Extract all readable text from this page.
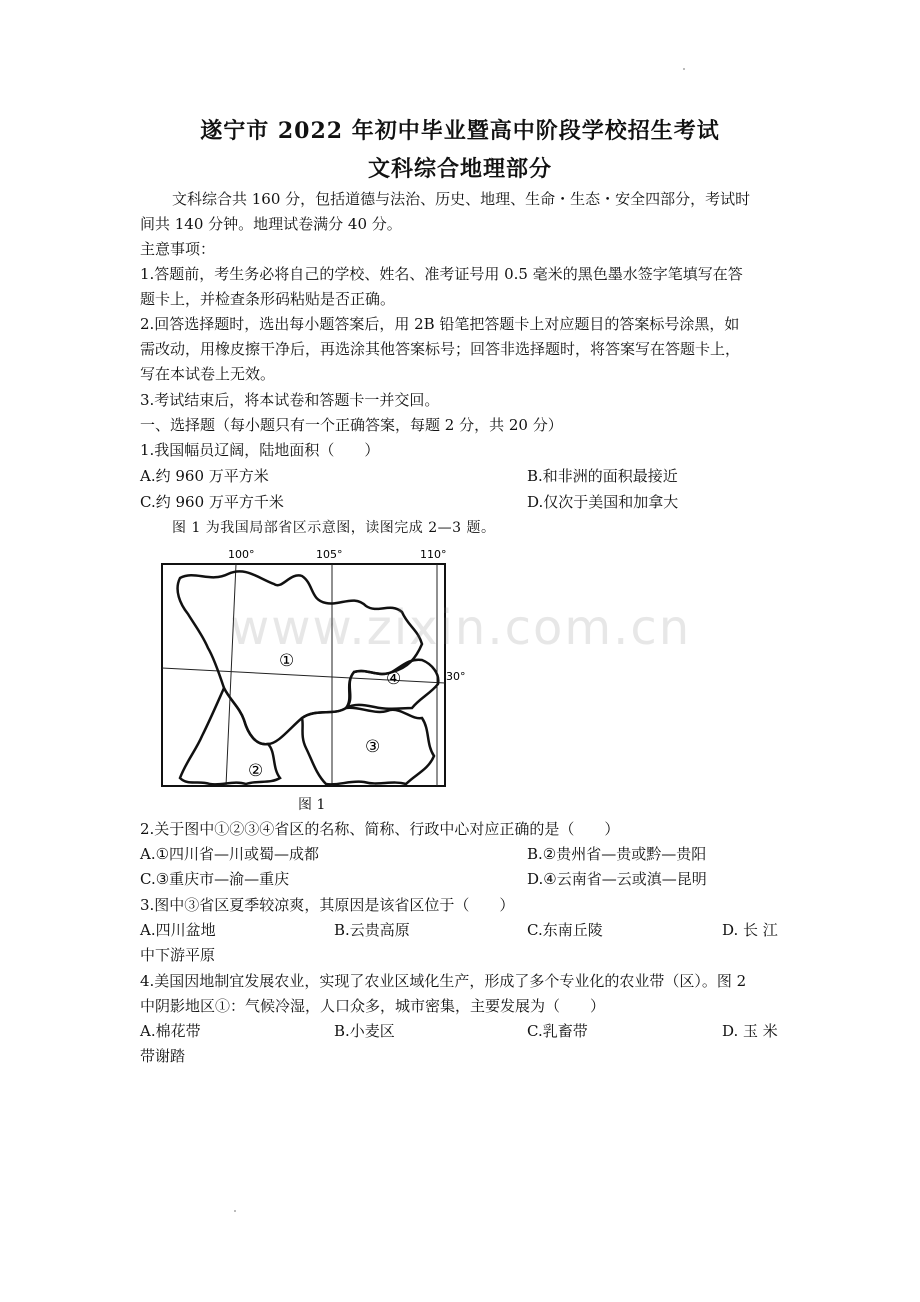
遂宁市 2022 年初中毕业暨高中阶段学校招生考试
文科综合地理部分
文科综合共 160 分，包括道德与法治、历史、地理、生命・生态・安全四部分，考试时
间共 140 分钟。地理试卷满分 40 分。
主意事项：
1.答题前，考生务必将自己的学校、姓名、准考证号用 0.5 毫米的黑色墨水签字笔填写在答
题卡上，并检查条形码粘贴是否正确。
2.回答选择题时，选出每小题答案后，用 2B 铅笔把答题卡上对应题目的答案标号涂黑，如
需改动，用橡皮擦干净后，再选涂其他答案标号；回答非选择题时，将答案写在答题卡上，
写在本试卷上无效。
3.考试结束后，将本试卷和答题卡一并交回。
一、选择题（每小题只有一个正确答案，每题 2 分，共 20 分）
1.我国幅员辽阔，陆地面积（　　）
A.约 960 万平方米	B.和非洲的面积最接近
C.约 960 万平方千米	D.仅次于美国和加拿大
图 1 为我国局部省区示意图，读图完成 2—3 题。
100°	105°	110°
30°
①
②
③
④
www.zixin.com.cn
图 1
2.关于图中①②③④省区的名称、简称、行政中心对应正确的是（　　）
A.①四川省—川或蜀—成都	B.②贵州省—贵或黔—贵阳
C.③重庆市—渝—重庆	D.④云南省—云或滇—昆明
3.图中③省区夏季较凉爽，其原因是该省区位于（　　）
A.四川盆地	B.云贵高原	C.东南丘陵	D. 长 江
中下游平原
4.美国因地制宜发展农业，实现了农业区域化生产，形成了多个专业化的农业带（区）。图 2
中阴影地区①：气候冷湿，人口众多，城市密集，主要发展为（　　）
A.棉花带	B.小麦区	C.乳畜带	D. 玉 米
带谢踏
